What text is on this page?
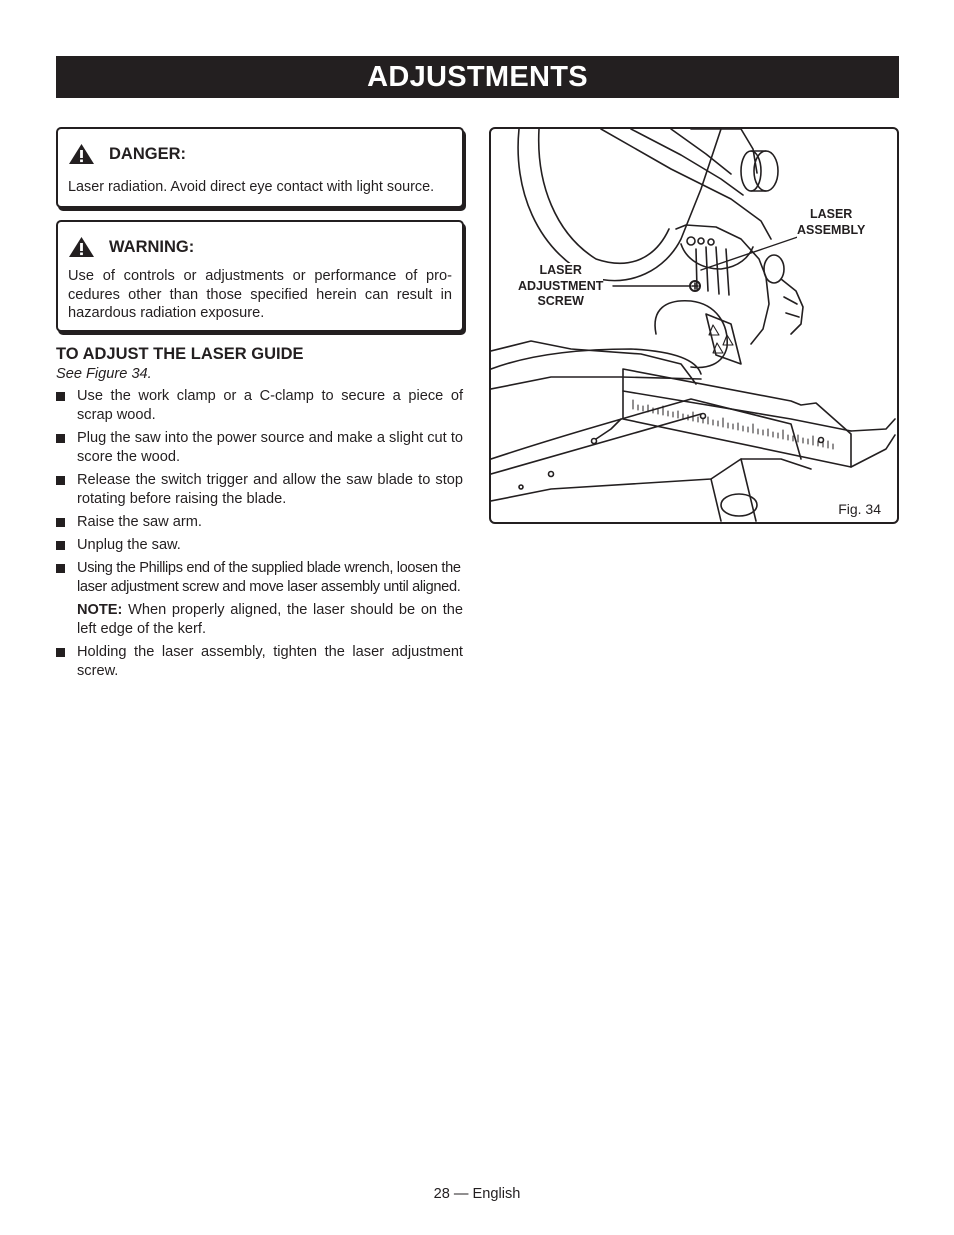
ADJUSTMENTS
DANGER:
Laser radiation. Avoid direct eye contact with light source.
WARNING:
Use of controls or adjustments or performance of pro-cedures other than those specified herein can result in hazardous radiation exposure.
TO ADJUST THE LASER GUIDE
See Figure 34.
Use the work clamp or a C-clamp to secure a piece of scrap wood.
Plug the saw into the power source and make a slight cut to score the wood.
Release the switch trigger and allow the saw blade to stop rotating before raising the blade.
Raise the saw arm.
Unplug the saw.
Using the Phillips end of the supplied blade wrench, loosen the laser adjustment screw and move laser assembly until aligned.
NOTE: When properly aligned, the laser should be on the left edge of the kerf.
Holding the laser assembly, tighten the laser adjustment screw.
LASER
ASSEMBLY
LASER
ADJUSTMENT
SCREW
Fig. 34
28 — English
